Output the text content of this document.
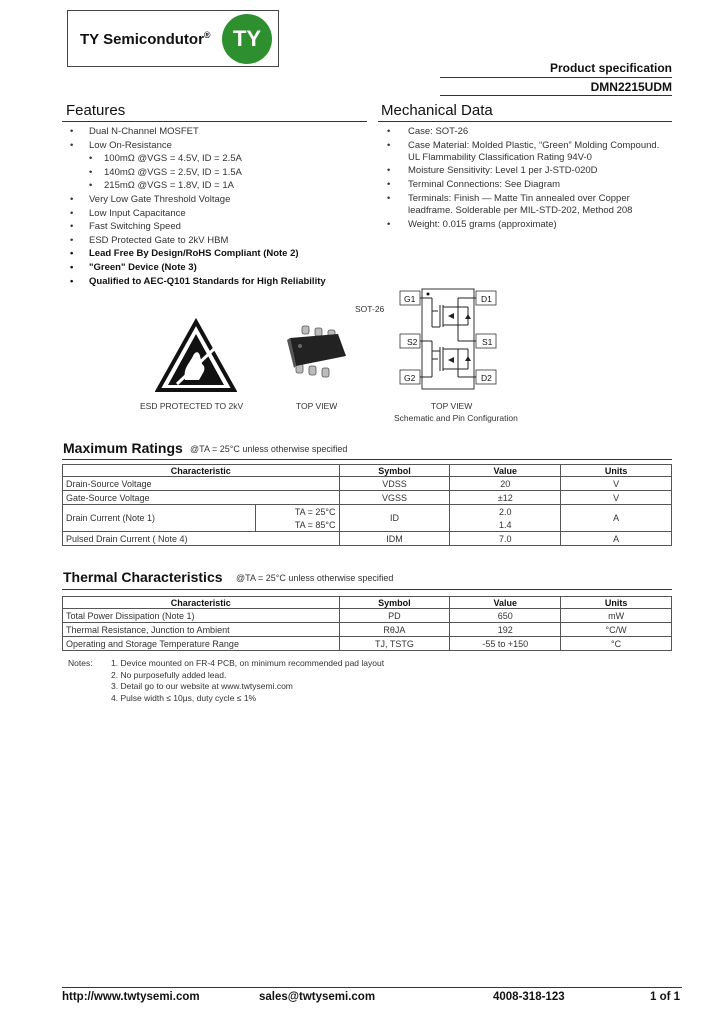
TY Semicondutor® TY
Product specification
DMN2215UDM
Features
• Dual N-Channel MOSFET
• Low On-Resistance
• 100mΩ @VGS = 4.5V, ID = 2.5A
• 140mΩ @VGS = 2.5V, ID = 1.5A
• 215mΩ @VGS = 1.8V, ID = 1A
• Very Low Gate Threshold Voltage
• Low Input Capacitance
• Fast Switching Speed
• ESD Protected Gate to 2kV HBM
• Lead Free By Design/RoHS Compliant (Note 2)
• "Green" Device (Note 3)
• Qualified to AEC-Q101 Standards for High Reliability
Mechanical Data
• Case: SOT-26
• Case Material: Molded Plastic, “Green” Molding Compound. UL Flammability Classification Rating 94V-0
• Moisture Sensitivity: Level 1 per J-STD-020D
• Terminal Connections: See Diagram
• Terminals: Finish — Matte Tin annealed over Copper leadframe. Solderable per MIL-STD-202, Method 208
• Weight: 0.015 grams (approximate)
ESD PROTECTED TO 2kV
SOT-26
TOP VIEW
G1
S2
G2
D1
S1
D2
TOP VIEW
Schematic and Pin Configuration
Maximum Ratings @TA = 25°C unless otherwise specified
Characteristic		Symbol	Value	Units
Drain-Source Voltage		VDSS	20	V
Gate-Source Voltage		VGSS	±12	V
Drain Current (Note 1)	TA = 25°C	ID	2.0	A
	TA = 85°C		1.4	
Pulsed Drain Current ( Note 4)		IDM	7.0	A
Thermal Characteristics @TA = 25°C unless otherwise specified
Characteristic	Symbol	Value	Units
Total Power Dissipation (Note 1)	PD	650	mW
Thermal Resistance, Junction to Ambient	RθJA	192	°C/W
Operating and Storage Temperature Range	TJ, TSTG	-55 to +150	°C
Notes: 1. Device mounted on FR-4 PCB, on minimum recommended pad layout
2. No purposefully added lead.
3. Detail go to our website at www.twtysemi.com
4. Pulse width ≤ 10μs, duty cycle ≤ 1%
http://www.twtysemi.com	sales@twtysemi.com	4008-318-123	1 of 1
